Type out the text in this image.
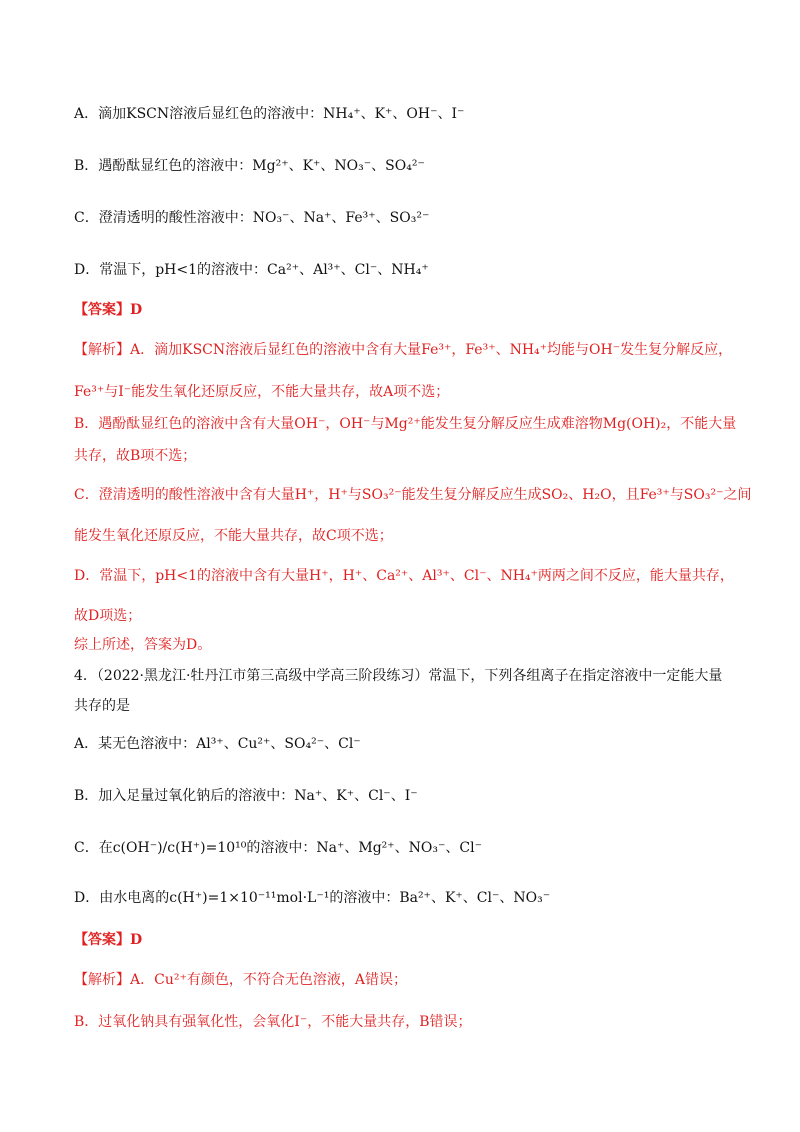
A．滴加KSCN溶液后显红色的溶液中：NH₄⁺、K⁺、OH⁻、I⁻
B．遇酚酞显红色的溶液中：Mg²⁺、K⁺、NO₃⁻、SO₄²⁻
C．澄清透明的酸性溶液中：NO₃⁻、Na⁺、Fe³⁺、SO₃²⁻
D．常温下，pH<1的溶液中：Ca²⁺、Al³⁺、Cl⁻、NH₄⁺
【答案】D
【解析】A．滴加KSCN溶液后显红色的溶液中含有大量Fe³⁺，Fe³⁺、NH₄⁺均能与OH⁻发生复分解反应，
Fe³⁺与I⁻能发生氧化还原反应，不能大量共存，故A项不选；
B．遇酚酞显红色的溶液中含有大量OH⁻，OH⁻与Mg²⁺能发生复分解反应生成难溶物Mg(OH)₂，不能大量
共存，故B项不选；
C．澄清透明的酸性溶液中含有大量H⁺，H⁺与SO₃²⁻能发生复分解反应生成SO₂、H₂O，且Fe³⁺与SO₃²⁻之间
能发生氧化还原反应，不能大量共存，故C项不选；
D．常温下，pH<1的溶液中含有大量H⁺，H⁺、Ca²⁺、Al³⁺、Cl⁻、NH₄⁺两两之间不反应，能大量共存，
故D项选；
综上所述，答案为D。
4．（2022·黑龙江·牡丹江市第三高级中学高三阶段练习）常温下，下列各组离子在指定溶液中一定能大量
共存的是
A．某无色溶液中：Al³⁺、Cu²⁺、SO₄²⁻、Cl⁻
B．加入足量过氧化钠后的溶液中：Na⁺、K⁺、Cl⁻、I⁻
C．在c(OH⁻)/c(H⁺)=10¹⁰的溶液中：Na⁺、Mg²⁺、NO₃⁻、Cl⁻
D．由水电离的c(H⁺)=1×10⁻¹¹mol·L⁻¹的溶液中：Ba²⁺、K⁺、Cl⁻、NO₃⁻
【答案】D
【解析】A．Cu²⁺有颜色，不符合无色溶液，A错误；
B．过氧化钠具有强氧化性，会氧化I⁻，不能大量共存，B错误；
